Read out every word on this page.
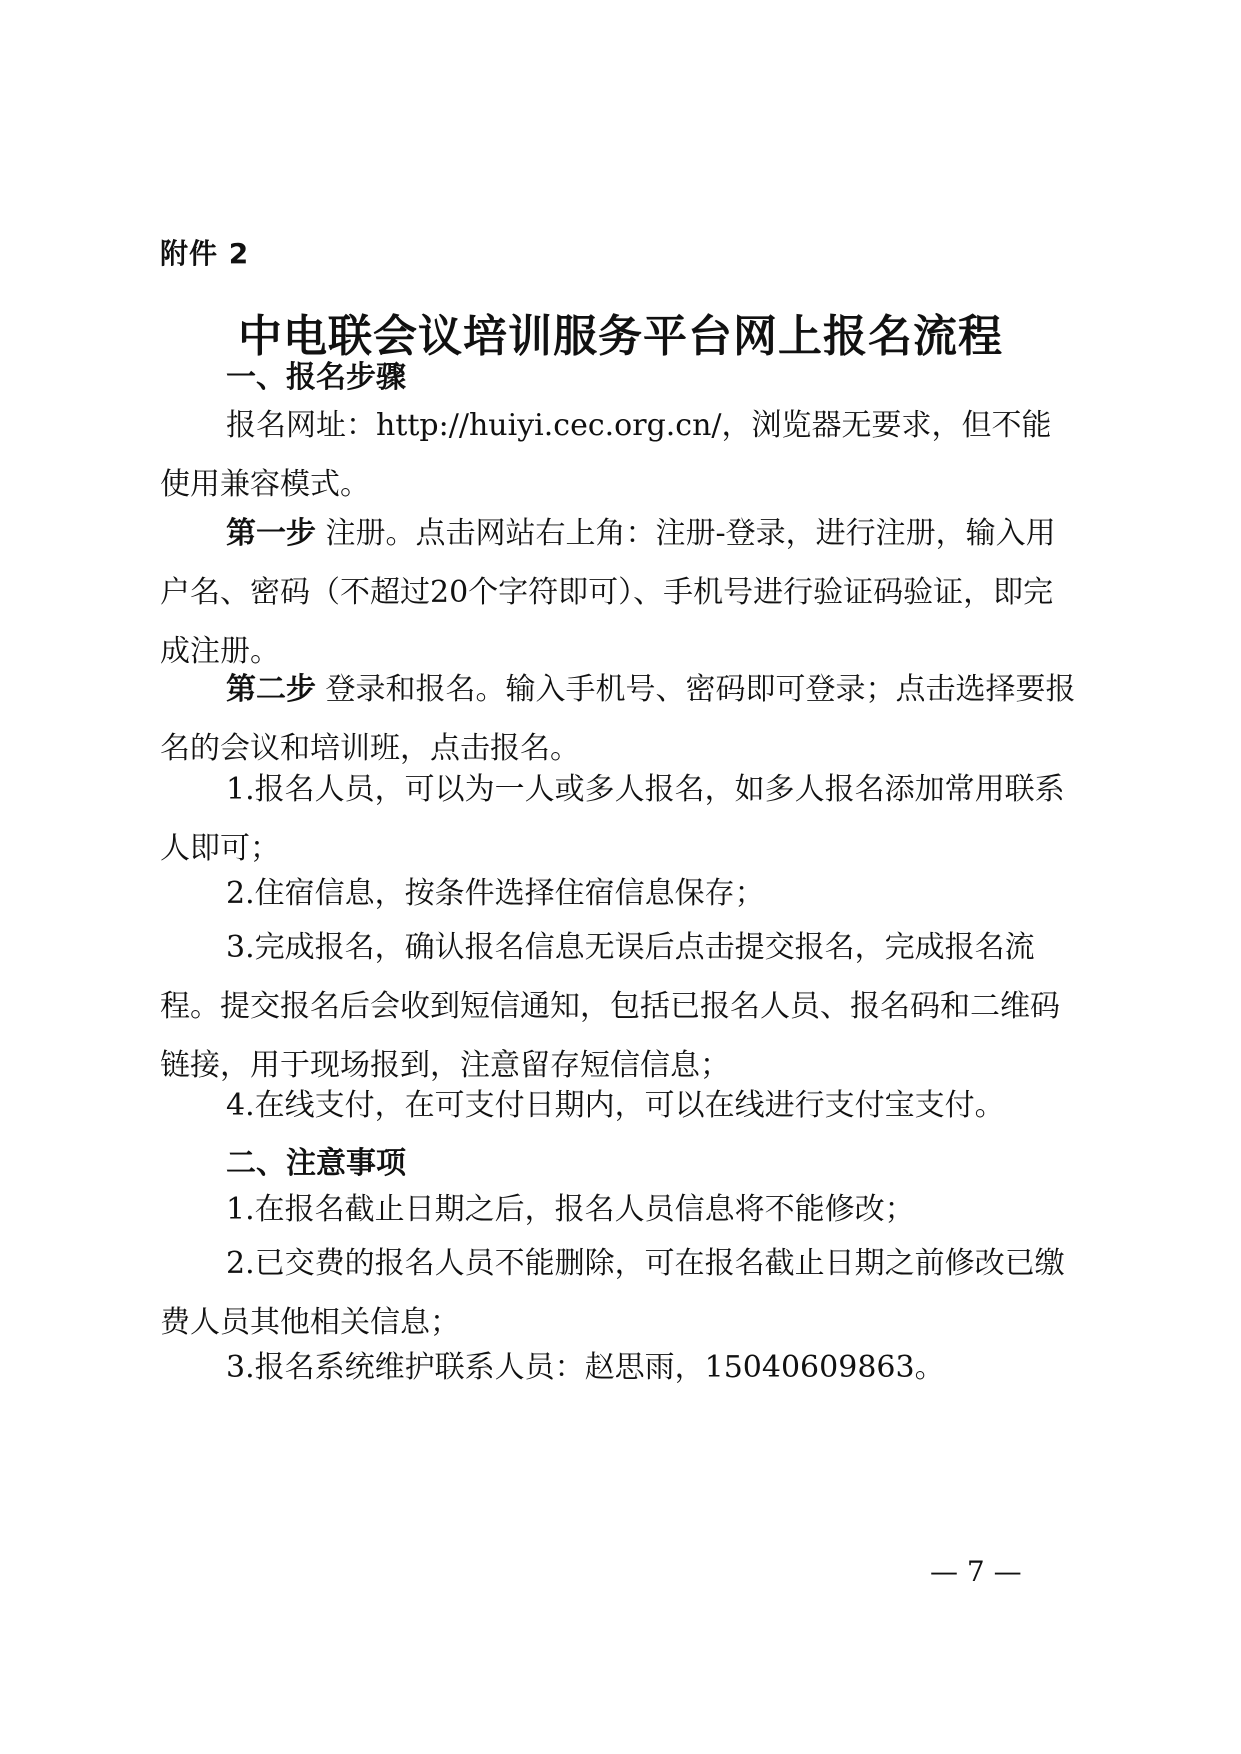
附件 2
中电联会议培训服务平台网上报名流程
一、报名步骤
报名网址：http://huiyi.cec.org.cn/，浏览器无要求，但不能使用兼容模式。
第一步 注册。点击网站右上角：注册-登录，进行注册，输入用户名、密码（不超过20个字符即可）、手机号进行验证码验证，即完成注册。
第二步 登录和报名。输入手机号、密码即可登录；点击选择要报名的会议和培训班，点击报名。
1.报名人员，可以为一人或多人报名，如多人报名添加常用联系人即可；
2.住宿信息，按条件选择住宿信息保存；
3.完成报名，确认报名信息无误后点击提交报名，完成报名流程。提交报名后会收到短信通知，包括已报名人员、报名码和二维码链接，用于现场报到，注意留存短信信息；
4.在线支付，在可支付日期内，可以在线进行支付宝支付。
二、注意事项
1.在报名截止日期之后，报名人员信息将不能修改；
2.已交费的报名人员不能删除，可在报名截止日期之前修改已缴费人员其他相关信息；
3.报名系统维护联系人员：赵思雨，15040609863。
— 7 —
